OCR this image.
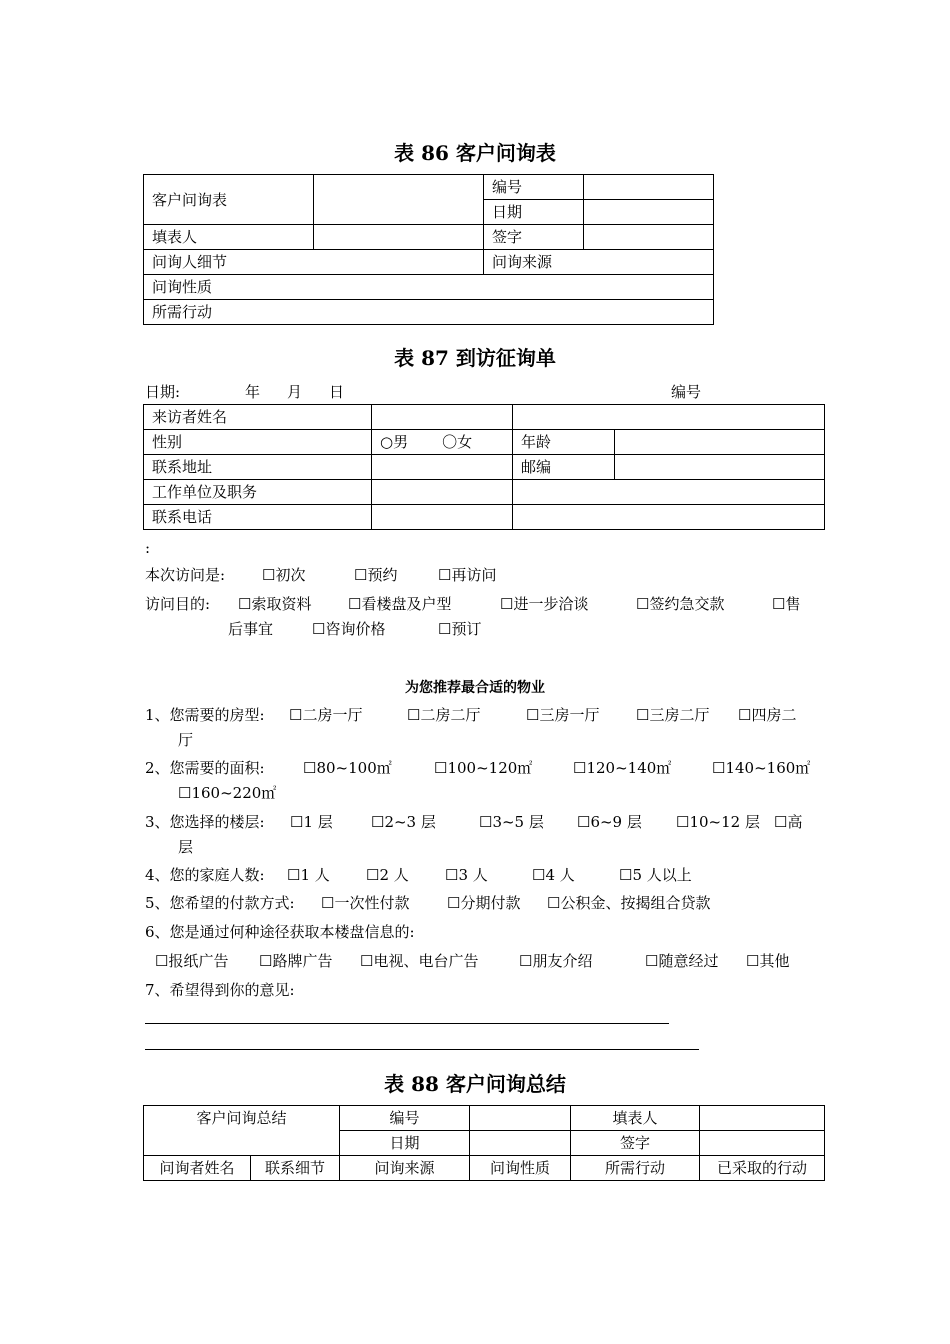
表 86 客户问询表
客户问询表		编号	
		日期	
填表人		签字	
问询人细节		问询来源	
问询性质			
所需行动			
表 87 到访征询单
日期:	年 月 日	编号
来访者姓名			
性别	○男 〇女	年龄	
联系地址		邮编	
工作单位及职务			
联系电话			
:
本次访问是: ☐初次	☐预约	☐再访问
访问目的: ☐索取资料 ☐看楼盘及户型	☐进一步洽谈	☐签约急交款	☐售
后事宜	☐咨询价格	☐预订
为您推荐最合适的物业
1、您需要的房型: ☐二房一厅	☐二房二厅	☐三房一厅 ☐三房二厅 ☐四房二
厅
2、您需要的面积:	☐80~100㎡	☐100~120㎡	☐120~140㎡	☐140~160㎡
☐160~220㎡
3、您选择的楼层: ☐1 层	☐2~3 层	☐3~5 层 ☐6~9 层 ☐10~12 层 ☐高
层
4、您的家庭人数: ☐1 人 ☐2 人 ☐3 人	☐4 人	☐5 人以上
5、您希望的付款方式: ☐一次性付款	☐分期付款 ☐公积金、按揭组合贷款
6、您是通过何种途径获取本楼盘信息的:
☐报纸广告 ☐路牌广告 ☐电视、电台广告	☐朋友介绍	☐随意经过 ☐其他
7、希望得到你的意见:
表 88 客户问询总结
客户问询总结		编号		填表人	
		日期		签字	
问询者姓名	联系细节	问询来源	问询性质	所需行动	已采取的行动
